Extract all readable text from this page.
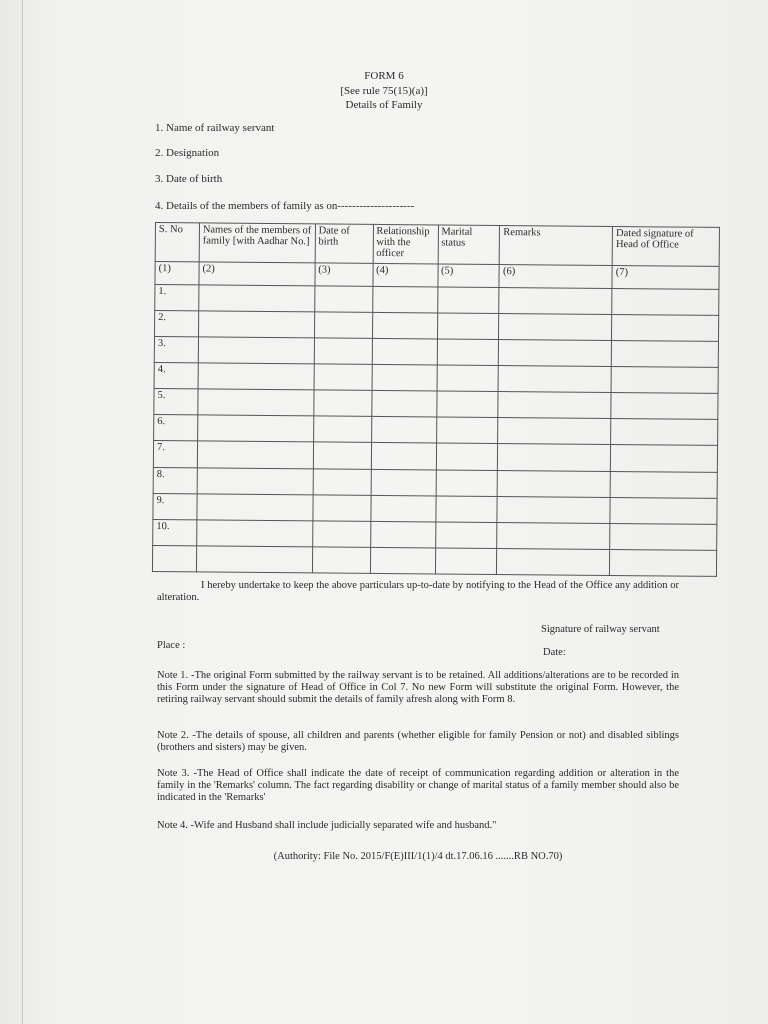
FORM 6
[See rule 75(15)(a)]
Details of Family
1. Name of railway servant
2. Designation
3. Date of birth
4. Details of the members of family as on---------------------
S. No	Names of the members of family [with Aadhar No.]	Date of birth	Relationship with the officer	Marital status	Remarks	Dated signature of Head of Office
(1)	(2)	(3)	(4)	(5)	(6)	(7)
1.						
2.						
3.						
4.						
5.						
6.						
7.						
8.						
9.						
10.						

I hereby undertake to keep the above particulars up-to-date by notifying to the Head of the Office any addition or alteration.
Signature of railway servant
Place :
Date:
Note 1. -The original Form submitted by the railway servant is to be retained. All additions/alterations are to be recorded in this Form under the signature of Head of Office in Col 7. No new Form will substitute the original Form. However, the retiring railway servant should submit the details of family afresh along with Form 8.
Note 2. -The details of spouse, all children and parents (whether eligible for family Pension or not) and disabled siblings (brothers and sisters) may be given.
Note 3. -The Head of Office shall indicate the date of receipt of communication regarding addition or alteration in the family in the 'Remarks' column. The fact regarding disability or change of marital status of a family member should also be indicated in the 'Remarks'
Note 4. -Wife and Husband shall include judicially separated wife and husband."
(Authority: File No. 2015/F(E)III/1(1)/4 dt.17.06.16 .......RB NO.70)
